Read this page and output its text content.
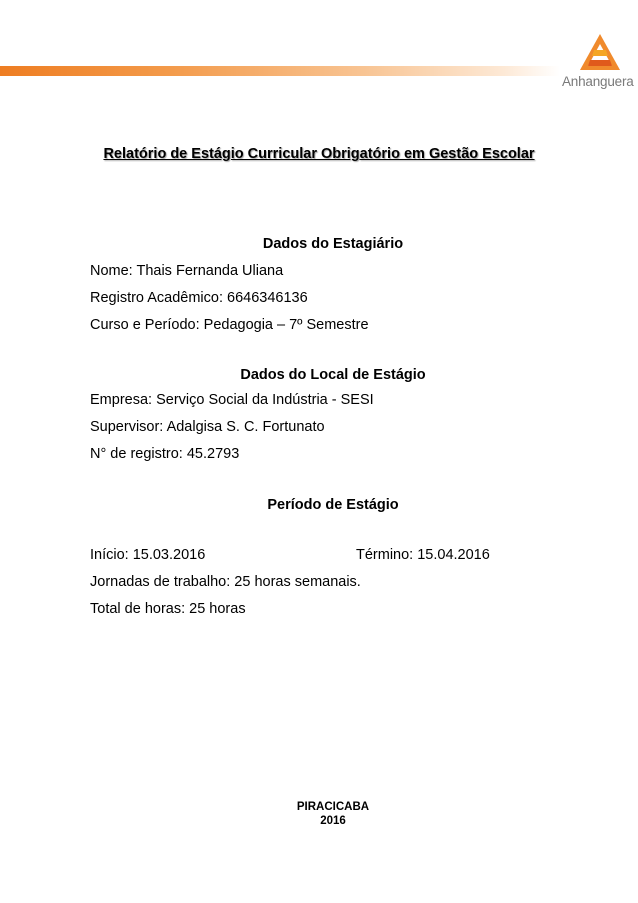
Anhanguera
Relatório de Estágio Curricular Obrigatório em Gestão Escolar
Dados do Estagiário
Nome: Thais Fernanda Uliana
Registro Acadêmico: 6646346136
Curso e Período: Pedagogia – 7º Semestre
Dados do Local de Estágio
Empresa: Serviço Social da Indústria - SESI
Supervisor: Adalgisa S. C. Fortunato
N° de registro: 45.2793
Período de Estágio
Início: 15.03.2016	Término: 15.04.2016
Jornadas de trabalho: 25 horas semanais.
Total de horas: 25 horas
PIRACICABA
2016
